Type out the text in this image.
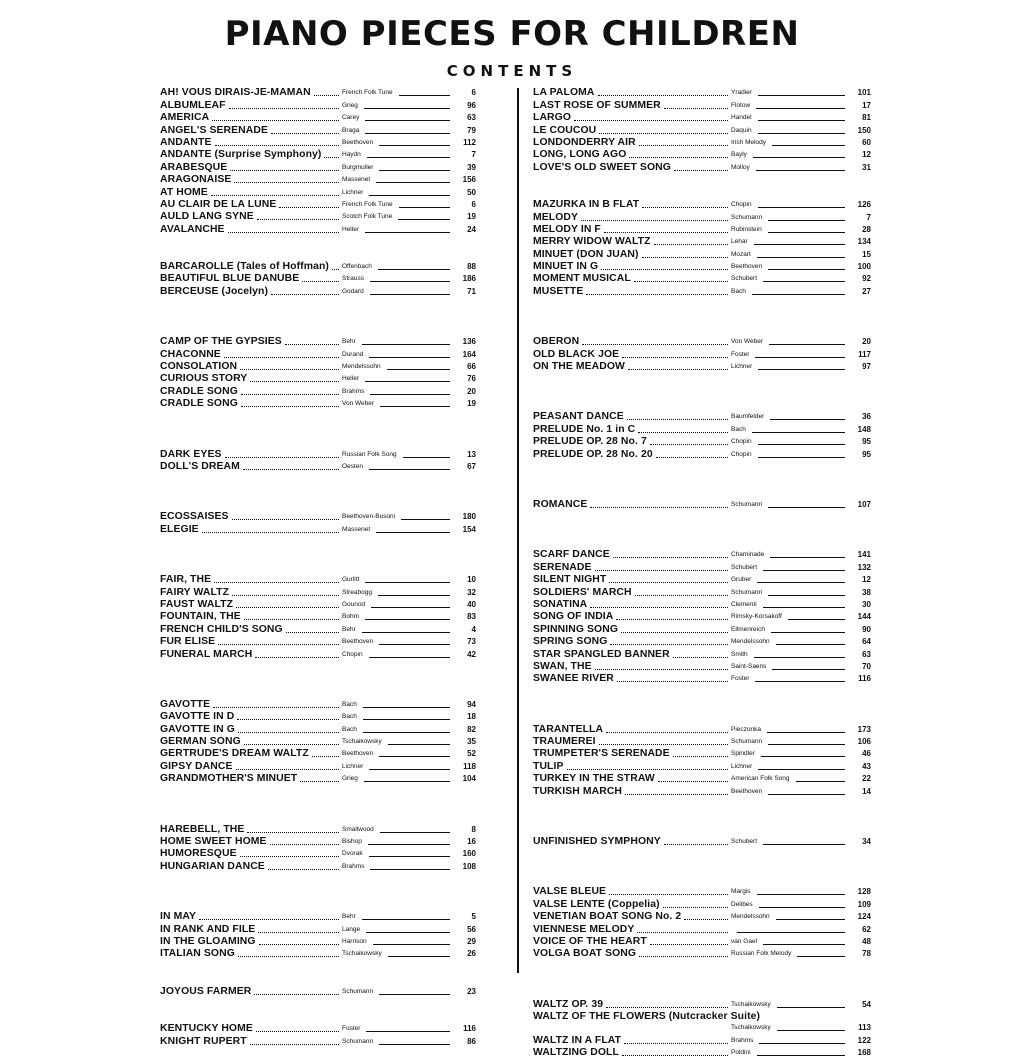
PIANO PIECES FOR CHILDREN
CONTENTS
AH! VOUS DIRAIS-JE-MAMAN	French Folk Tune	6
ALBUMLEAF	Grieg	96
AMERICA	Carey	63
ANGEL'S SERENADE	Braga	79
ANDANTE	Beethoven	112
ANDANTE (Surprise Symphony)	Haydn	7
ARABESQUE	Burgmuller	39
ARAGONAISE	Massenet	156
AT HOME	Lichner	50
AU CLAIR DE LA LUNE	French Folk Tune	6
AULD LANG SYNE	Scotch Folk Tune	19
AVALANCHE	Heller	24
BARCAROLLE (Tales of Hoffman) Offenbach	88
BEAUTIFUL BLUE DANUBE	Strauss	186
BERCEUSE (Jocelyn)	Godard	71
CAMP OF THE GYPSIES	Behr	136
CHACONNE	Durand	164
CONSOLATION	Mendelssohn	66
CURIOUS STORY	Heller	76
CRADLE SONG	Brahms	20
CRADLE SONG	Von Weber	19
DARK EYES	Russian Folk Song	13
DOLL'S DREAM	Oesten	67
ECOSSAISES	Beethoven-Busoni	180
ELEGIE	Massenet	154
FAIR, THE	Gurlitt	10
FAIRY WALTZ	Streabogg	32
FAUST WALTZ	Gounod	40
FOUNTAIN, THE	Bohm	83
FRENCH CHILD'S SONG	Behr	4
FUR ELISE	Beethoven	73
FUNERAL MARCH	Chopin	42
GAVOTTE	Bach	94
GAVOTTE IN D	Bach	18
GAVOTTE IN G	Bach	82
GERMAN SONG	Tschaikowsky	35
GERTRUDE'S DREAM WALTZ	Beethoven	52
GIPSY DANCE	Lichner	118
GRANDMOTHER'S MINUET	Grieg	104
HAREBELL, THE	Smallwood	8
HOME SWEET HOME	Bishop	16
HUMORESQUE	Dvorak	160
HUNGARIAN DANCE	Brahms	108
IN MAY	Behr	5
IN RANK AND FILE	Lange	56
IN THE GLOAMING	Harrison	29
ITALIAN SONG	Tschaikowsky	26
JOYOUS FARMER	Schumann	23
KENTUCKY HOME	Foster	116
KNIGHT RUPERT	Schumann	86
LA PALOMA	Yradier	101
LAST ROSE OF SUMMER	Flotow	17
LARGO	Handel	81
LE COUCOU	Daquin	150
LONDONDERRY AIR	Irish Melody	60
LONG, LONG AGO	Bayly	12
LOVE'S OLD SWEET SONG	Molloy	31
MAZURKA IN B FLAT	Chopin	126
MELODY	Schumann	7
MELODY IN F	Rubinstein	28
MERRY WIDOW WALTZ	Lehar	134
MINUET (DON JUAN)	Mozart	15
MINUET IN G	Beethoven	100
MOMENT MUSICAL	Schubert	92
MUSETTE	Bach	27
OBERON	Von Weber	20
OLD BLACK JOE	Foster	117
ON THE MEADOW	Lichner	97
PEASANT DANCE	Baumfelder	36
PRELUDE No. 1 in C	Bach	148
PRELUDE OP. 28 No. 7	Chopin	95
PRELUDE OP. 28 No. 20	Chopin	95
ROMANCE	Schumann	107
SCARF DANCE	Chaminade	141
SERENADE	Schubert	132
SILENT NIGHT	Gruber	12
SOLDIERS' MARCH	Schumann	38
SONATINA	Clementi	30
SONG OF INDIA	Rimsky-Korsakoff	144
SPINNING SONG	Ellmenreich	90
SPRING SONG	Mendelssohn	64
STAR SPANGLED BANNER	Smith	63
SWAN, THE	Saint-Saens	70
SWANEE RIVER	Foster	116
TARANTELLA	Pieczonka	173
TRAUMEREI	Schumann	106
TRUMPETER'S SERENADE	Spindler	46
TULIP	Lichner	43
TURKEY IN THE STRAW	American Folk Song	22
TURKISH MARCH	Beethoven	14
UNFINISHED SYMPHONY	Schubert	34
VALSE BLEUE	Margis	128
VALSE LENTE (Coppelia)	Delibes	109
VENETIAN BOAT SONG No. 2	Mendelssohn	124
VIENNESE MELODY	62
VOICE OF THE HEART	van Gael	48
VOLGA BOAT SONG	Russian Folk Melody	78
WALTZ OP. 39	Tschaikowsky	54
WALTZ OF THE FLOWERS (Nutcracker Suite)
Tschaikowsky	113
WALTZ IN A FLAT	Brahms	122
WALTZING DOLL	Poldini	168
